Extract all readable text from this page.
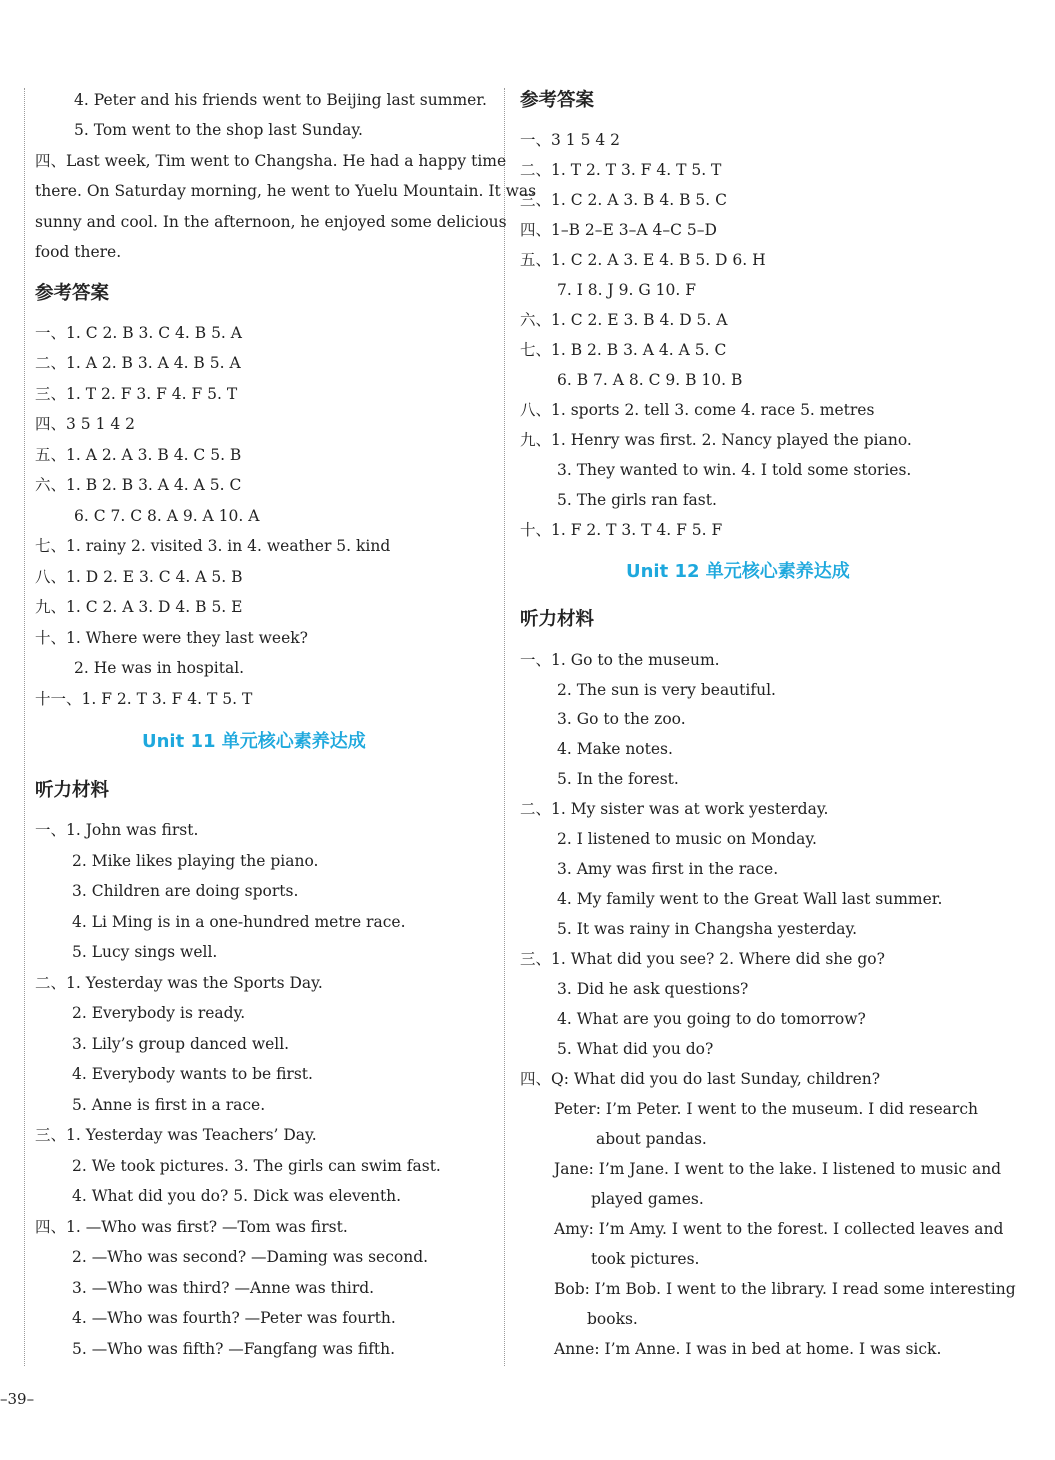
4. Peter and his friends went to Beijing last summer.
5. Tom went to the shop last Sunday.
四、Last week, Tim went to Changsha. He had a happy time
there. On Saturday morning, he went to Yuelu Mountain. It was
sunny and cool. In the afternoon, he enjoyed some delicious
food there.
参考答案
一、1. C 2. B 3. C 4. B 5. A
二、1. A 2. B 3. A 4. B 5. A
三、1. T 2. F 3. F 4. F 5. T
四、3 5 1 4 2
五、1. A 2. A 3. B 4. C 5. B
六、1. B 2. B 3. A 4. A 5. C
6. C 7. C 8. A 9. A 10. A
七、1. rainy 2. visited 3. in 4. weather 5. kind
八、1. D 2. E 3. C 4. A 5. B
九、1. C 2. A 3. D 4. B 5. E
十、1. Where were they last week?
2. He was in hospital.
十一、1. F 2. T 3. F 4. T 5. T
Unit 11 单元核心素养达成
听力材料
一、1. John was first.
2. Mike likes playing the piano.
3. Children are doing sports.
4. Li Ming is in a one-hundred metre race.
5. Lucy sings well.
二、1. Yesterday was the Sports Day.
2. Everybody is ready.
3. Lily’s group danced well.
4. Everybody wants to be first.
5. Anne is first in a race.
三、1. Yesterday was Teachers’ Day.
2. We took pictures. 3. The girls can swim fast.
4. What did you do? 5. Dick was eleventh.
四、1. —Who was first? —Tom was first.
2. —Who was second? —Daming was second.
3. —Who was third? —Anne was third.
4. —Who was fourth? —Peter was fourth.
5. —Who was fifth? —Fangfang was fifth.
参考答案
一、3 1 5 4 2
二、1. T 2. T 3. F 4. T 5. T
三、1. C 2. A 3. B 4. B 5. C
四、1–B 2–E 3–A 4–C 5–D
五、1. C 2. A 3. E 4. B 5. D 6. H
7. I 8. J 9. G 10. F
六、1. C 2. E 3. B 4. D 5. A
七、1. B 2. B 3. A 4. A 5. C
6. B 7. A 8. C 9. B 10. B
八、1. sports 2. tell 3. come 4. race 5. metres
九、1. Henry was first. 2. Nancy played the piano.
3. They wanted to win. 4. I told some stories.
5. The girls ran fast.
十、1. F 2. T 3. T 4. F 5. F
Unit 12 单元核心素养达成
听力材料
一、1. Go to the museum.
2. The sun is very beautiful.
3. Go to the zoo.
4. Make notes.
5. In the forest.
二、1. My sister was at work yesterday.
2. I listened to music on Monday.
3. Amy was first in the race.
4. My family went to the Great Wall last summer.
5. It was rainy in Changsha yesterday.
三、1. What did you see? 2. Where did she go?
3. Did he ask questions?
4. What are you going to do tomorrow?
5. What did you do?
四、Q: What did you do last Sunday, children?
Peter: I’m Peter. I went to the museum. I did research
about pandas.
Jane: I’m Jane. I went to the lake. I listened to music and
played games.
Amy: I’m Amy. I went to the forest. I collected leaves and
took pictures.
Bob: I’m Bob. I went to the library. I read some interesting
books.
Anne: I’m Anne. I was in bed at home. I was sick.
–39–
